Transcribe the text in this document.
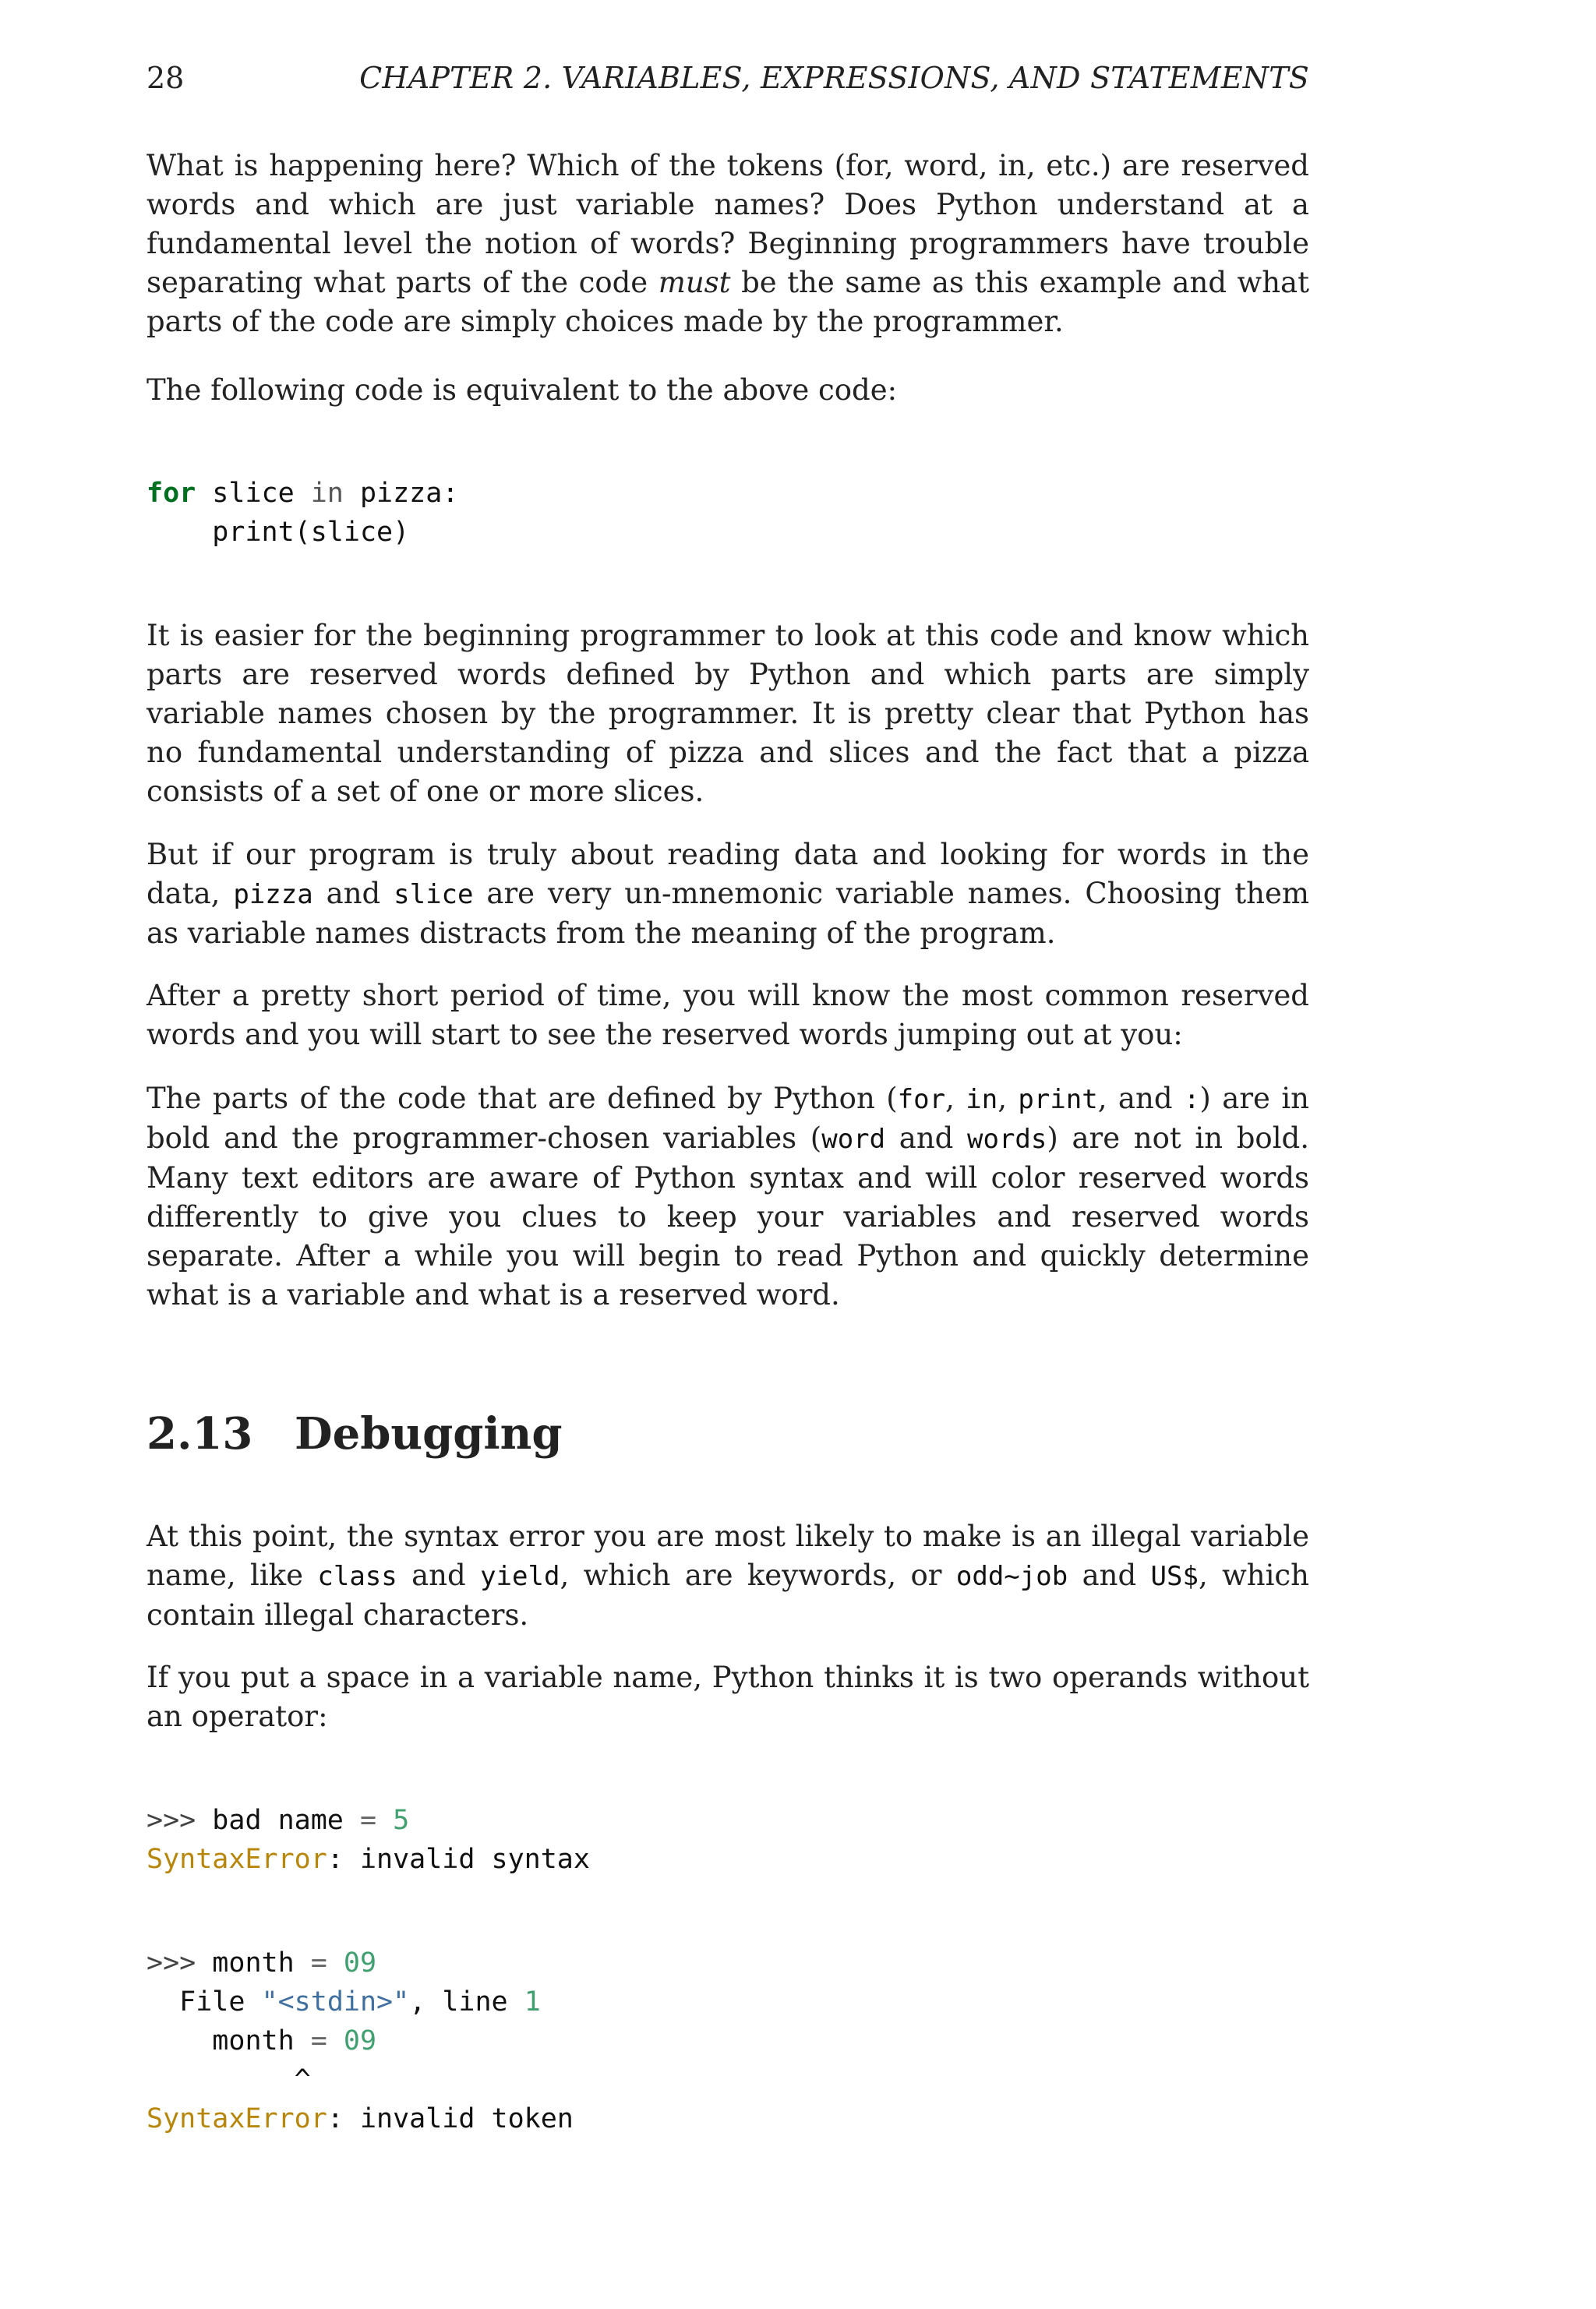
28	CHAPTER 2. VARIABLES, EXPRESSIONS, AND STATEMENTS

What is happening here? Which of the tokens (for, word, in, etc.) are reserved words and which are just variable names? Does Python understand at a fundamental level the notion of words? Beginning programmers have trouble separating what parts of the code must be the same as this example and what parts of the code are simply choices made by the programmer.

The following code is equivalent to the above code:

for slice in pizza:
print(slice)

It is easier for the beginning programmer to look at this code and know which parts are reserved words defined by Python and which parts are simply variable names chosen by the programmer. It is pretty clear that Python has no fundamental understanding of pizza and slices and the fact that a pizza consists of a set of one or more slices.

But if our program is truly about reading data and looking for words in the data, pizza and slice are very un-mnemonic variable names. Choosing them as variable names distracts from the meaning of the program.

After a pretty short period of time, you will know the most common reserved words and you will start to see the reserved words jumping out at you:

The parts of the code that are defined by Python (for, in, print, and :) are in bold and the programmer-chosen variables (word and words) are not in bold. Many text editors are aware of Python syntax and will color reserved words differently to give you clues to keep your variables and reserved words separate. After a while you will begin to read Python and quickly determine what is a variable and what is a reserved word.

2.13 Debugging

At this point, the syntax error you are most likely to make is an illegal variable name, like class and yield, which are keywords, or odd~job and US$, which contain illegal characters.

If you put a space in a variable name, Python thinks it is two operands without an operator:

>>> bad name = 5
SyntaxError: invalid syntax
>>> month = 09
File "<stdin>", line 1
month = 09
^
SyntaxError: invalid token
